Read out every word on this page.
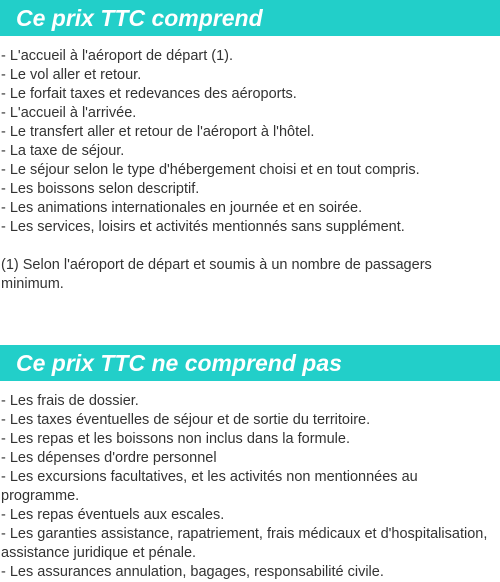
Ce prix TTC comprend
- L'accueil à l'aéroport de départ (1).
- Le vol aller et retour.
- Le forfait taxes et redevances des aéroports.
- L'accueil à l'arrivée.
- Le transfert aller et retour de l'aéroport à l'hôtel.
- La taxe de séjour.
- Le séjour selon le type d'hébergement choisi et en tout compris.
- Les boissons selon descriptif.
- Les animations internationales en journée et en soirée.
- Les services, loisirs et activités mentionnés sans supplément.

(1) Selon l'aéroport de départ et soumis à un nombre de passagers minimum.

Ce prix TTC ne comprend pas
- Les frais de dossier.
- Les taxes éventuelles de séjour et de sortie du territoire.
- Les repas et les boissons non inclus dans la formule.
- Les dépenses d'ordre personnel
- Les excursions facultatives, et les activités non mentionnées au programme.
- Les repas éventuels aux escales.
- Les garanties assistance, rapatriement, frais médicaux et d'hospitalisation, assistance juridique et pénale.
- Les assurances annulation, bagages, responsabilité civile.
